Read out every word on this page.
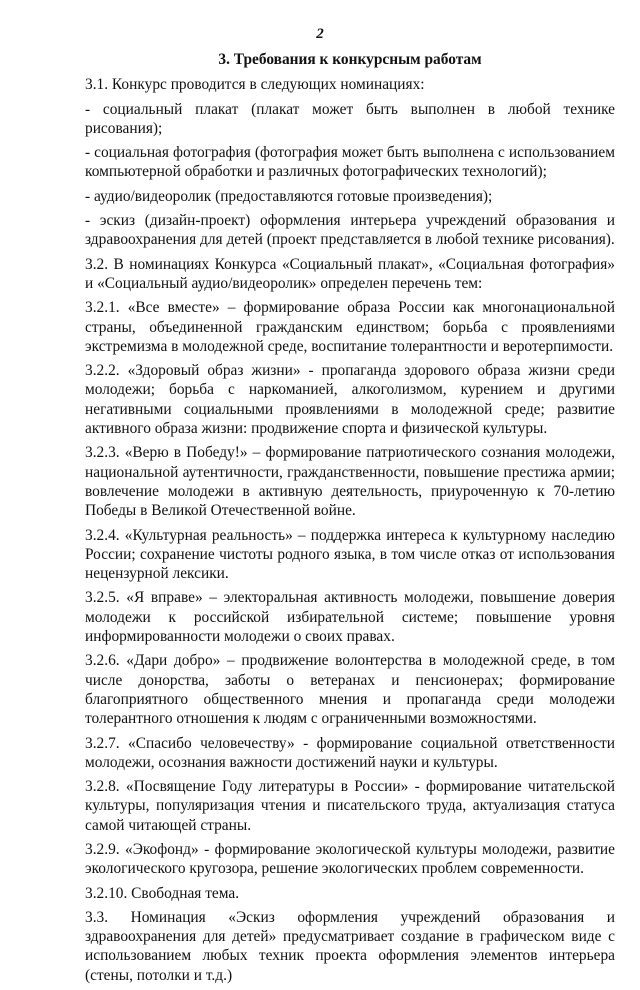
2

3. Требования к конкурсным работам

3.1. Конкурс проводится в следующих номинациях:

- социальный плакат (плакат может быть выполнен в любой технике рисования);

- социальная фотография (фотография может быть выполнена с использованием компьютерной обработки и различных фотографических технологий);

- аудио/видеоролик (предоставляются готовые произведения);

- эскиз (дизайн-проект) оформления интерьера учреждений образования и здравоохранения для детей (проект представляется в любой технике рисования).

3.2. В номинациях Конкурса «Социальный плакат», «Социальная фотография» и «Социальный аудио/видеоролик» определен перечень тем:

3.2.1. «Все вместе» – формирование образа России как многонациональной страны, объединенной гражданским единством; борьба с проявлениями экстремизма в молодежной среде, воспитание толерантности и веротерпимости.

3.2.2. «Здоровый образ жизни» - пропаганда здорового образа жизни среди молодежи; борьба с наркоманией, алкоголизмом, курением и другими негативными социальными проявлениями в молодежной среде; развитие активного образа жизни: продвижение спорта и физической культуры.

3.2.3. «Верю в Победу!» – формирование патриотического сознания молодежи, национальной аутентичности, гражданственности, повышение престижа армии; вовлечение молодежи в активную деятельность, приуроченную к 70-летию Победы в Великой Отечественной войне.

3.2.4. «Культурная реальность» – поддержка интереса к культурному наследию России; сохранение чистоты родного языка, в том числе отказ от использования нецензурной лексики.

3.2.5. «Я вправе» – электоральная активность молодежи, повышение доверия молодежи к российской избирательной системе; повышение уровня информированности молодежи о своих правах.

3.2.6. «Дари добро» – продвижение волонтерства в молодежной среде, в том числе донорства, заботы о ветеранах и пенсионерах; формирование благоприятного общественного мнения и пропаганда среди молодежи толерантного отношения к людям с ограниченными возможностями.

3.2.7. «Спасибо человечеству» - формирование социальной ответственности молодежи, осознания важности достижений науки и культуры.

3.2.8. «Посвящение Году литературы в России» - формирование читательской культуры, популяризация чтения и писательского труда, актуализация статуса самой читающей страны.

3.2.9. «Экофонд» - формирование экологической культуры молодежи, развитие экологического кругозора, решение экологических проблем современности.

3.2.10. Свободная тема.

3.3. Номинация «Эскиз оформления учреждений образования и здравоохранения для детей» предусматривает создание в графическом виде с использованием любых техник проекта оформления элементов интерьера (стены, потолки и т.д.)
